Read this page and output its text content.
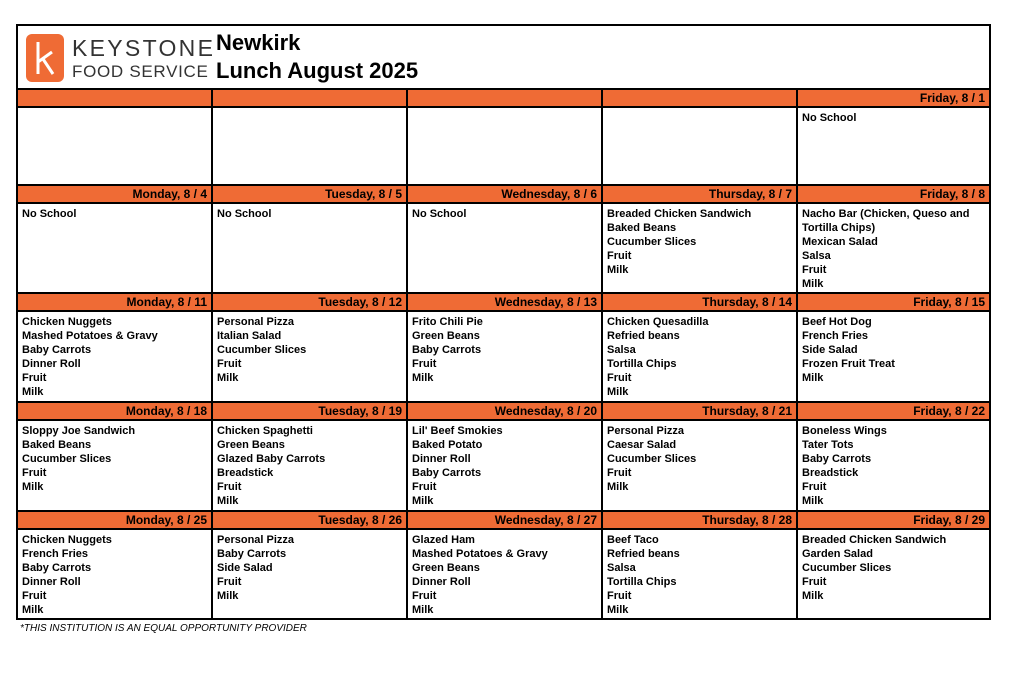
KEYSTONE
FOOD SERVICE
Newkirk
Lunch August 2025
Friday, 8 / 1
No School
Monday, 8 / 4
No School
Tuesday, 8 / 5
No School
Wednesday, 8 / 6
No School
Thursday, 8 / 7
Breaded Chicken Sandwich
Baked Beans
Cucumber Slices
Fruit
Milk
Friday, 8 / 8
Nacho Bar (Chicken, Queso and Tortilla Chips)
Mexican Salad
Salsa
Fruit
Milk
Monday, 8 / 11
Chicken Nuggets
Mashed Potatoes & Gravy
Baby Carrots
Dinner Roll
Fruit
Milk
Tuesday, 8 / 12
Personal Pizza
Italian Salad
Cucumber Slices
Fruit
Milk
Wednesday, 8 / 13
Frito Chili Pie
Green Beans
Baby Carrots
Fruit
Milk
Thursday, 8 / 14
Chicken Quesadilla
Refried beans
Salsa
Tortilla Chips
Fruit
Milk
Friday, 8 / 15
Beef Hot Dog
French Fries
Side Salad
Frozen Fruit Treat
Milk
Monday, 8 / 18
Sloppy Joe Sandwich
Baked Beans
Cucumber Slices
Fruit
Milk
Tuesday, 8 / 19
Chicken Spaghetti
Green Beans
Glazed Baby Carrots
Breadstick
Fruit
Milk
Wednesday, 8 / 20
Lil' Beef Smokies
Baked Potato
Dinner Roll
Baby Carrots
Fruit
Milk
Thursday, 8 / 21
Personal Pizza
Caesar Salad
Cucumber Slices
Fruit
Milk
Friday, 8 / 22
Boneless Wings
Tater Tots
Baby Carrots
Breadstick
Fruit
Milk
Monday, 8 / 25
Chicken Nuggets
French Fries
Baby Carrots
Dinner Roll
Fruit
Milk
Tuesday, 8 / 26
Personal Pizza
Baby Carrots
Side Salad
Fruit
Milk
Wednesday, 8 / 27
Glazed Ham
Mashed Potatoes & Gravy
Green Beans
Dinner Roll
Fruit
Milk
Thursday, 8 / 28
Beef Taco
Refried beans
Salsa
Tortilla Chips
Fruit
Milk
Friday, 8 / 29
Breaded Chicken Sandwich
Garden Salad
Cucumber Slices
Fruit
Milk
*THIS INSTITUTION IS AN EQUAL OPPORTUNITY PROVIDER
